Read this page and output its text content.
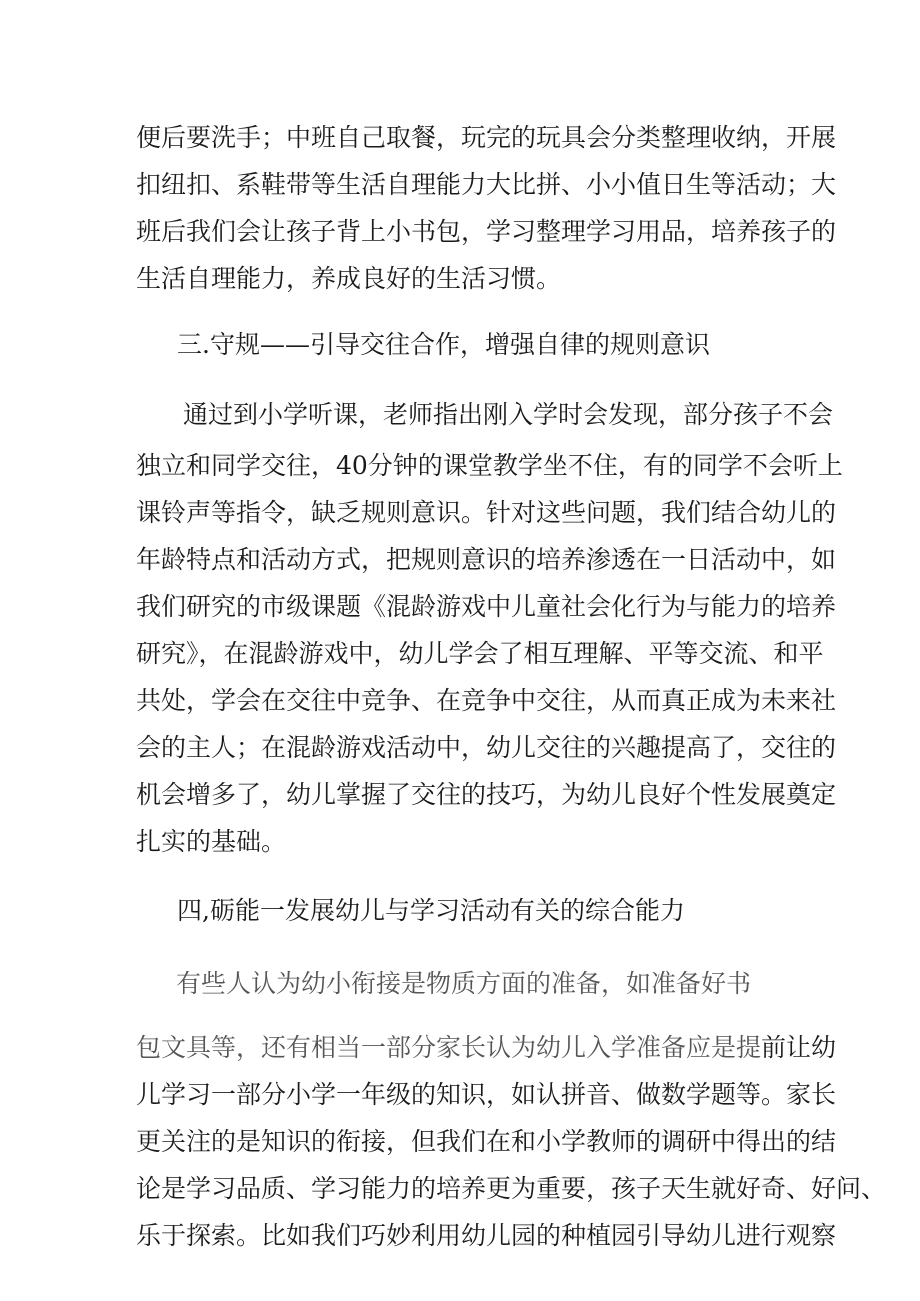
便后要洗手；中班自己取餐，玩完的玩具会分类整理收纳，开展
扣纽扣、系鞋带等生活自理能力大比拼、小小值日生等活动；大
班后我们会让孩子背上小书包，学习整理学习用品，培养孩子的
生活自理能力，养成良好的生活习惯。
三.守规——引导交往合作，增强自律的规则意识
通过到小学听课，老师指出刚入学时会发现，部分孩子不会
独立和同学交往，40分钟的课堂教学坐不住，有的同学不会听上
课铃声等指令，缺乏规则意识。针对这些问题，我们结合幼儿的
年龄特点和活动方式，把规则意识的培养渗透在一日活动中，如
我们研究的市级课题《混龄游戏中儿童社会化行为与能力的培养
研究》，在混龄游戏中，幼儿学会了相互理解、平等交流、和平
共处，学会在交往中竞争、在竞争中交往，从而真正成为未来社
会的主人；在混龄游戏活动中，幼儿交往的兴趣提高了，交往的
机会增多了，幼儿掌握了交往的技巧，为幼儿良好个性发展奠定
扎实的基础。
四,砺能一发展幼儿与学习活动有关的综合能力
有些人认为幼小衔接是物质方面的准备，如准备好书
包文具等，还有相当一部分家长认为幼儿入学准备应是提前让幼
儿学习一部分小学一年级的知识，如认拼音、做数学题等。家长
更关注的是知识的衔接，但我们在和小学教师的调研中得出的结
论是学习品质、学习能力的培养更为重要，孩子天生就好奇、好问、
乐于探索。比如我们巧妙利用幼儿园的种植园引导幼儿进行观察
